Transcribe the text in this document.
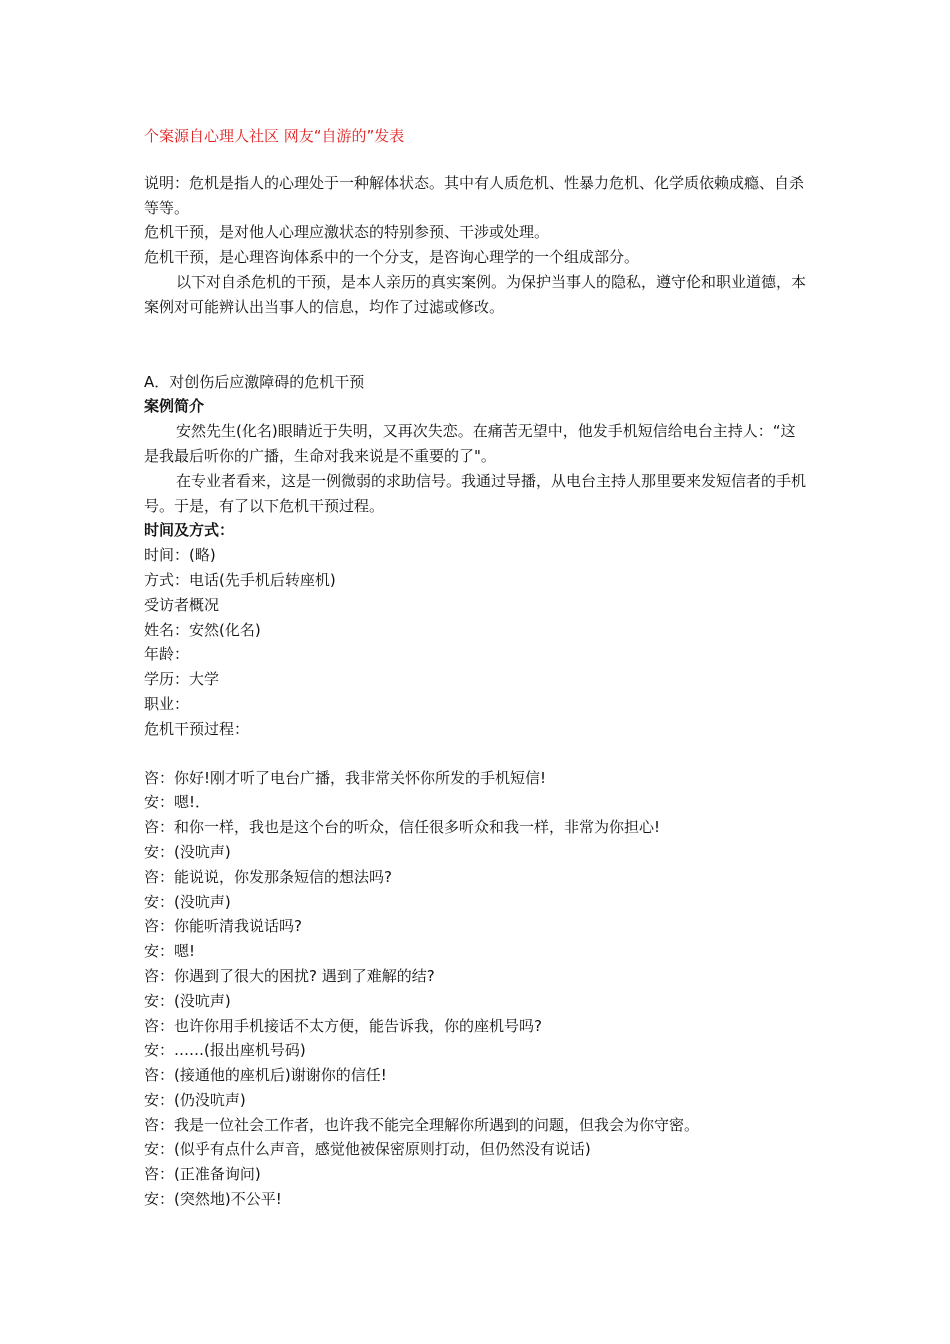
个案源自心理人社区 网友“自游的”发表

说明：危机是指人的心理处于一种解体状态。其中有人质危机、性暴力危机、化学质依赖成瘾、自杀等等。

危机干预，是对他人心理应激状态的特别参预、干涉或处理。

危机干预，是心理咨询体系中的一个分支，是咨询心理学的一个组成部分。

以下对自杀危机的干预，是本人亲历的真实案例。为保护当事人的隐私，遵守伦和职业道德，本案例对可能辨认出当事人的信息，均作了过滤或修改。

A．对创伤后应激障碍的危机干预

案例简介

安然先生(化名)眼睛近于失明，又再次失恋。在痛苦无望中，他发手机短信给电台主持人：“这是我最后听你的广播，生命对我来说是不重要的了"。

在专业者看来，这是一例微弱的求助信号。我通过导播，从电台主持人那里要来发短信者的手机号。于是，有了以下危机干预过程。

时间及方式：

时间：(略)

方式：电话(先手机后转座机)

受访者概况

姓名：安然(化名)

年龄：

学历：大学

职业：

危机干预过程：

咨：你好!刚才听了电台广播，我非常关怀你所发的手机短信!

安：嗯!．

咨：和你一样，我也是这个台的听众，信任很多听众和我一样，非常为你担心!

安：(没吭声)

咨：能说说，你发那条短信的想法吗?

安：(没吭声)

咨：你能听清我说话吗?

安：嗯!

咨：你遇到了很大的困扰? 遇到了难解的结?

安：(没吭声)

咨：也许你用手机接话不太方便，能告诉我，你的座机号吗?

安：……(报出座机号码)

咨：(接通他的座机后)谢谢你的信任!

安：(仍没吭声)

咨：我是一位社会工作者，也许我不能完全理解你所遇到的问题，但我会为你守密。

安：(似乎有点什么声音，感觉他被保密原则打动，但仍然没有说话)

咨：(正准备询问)

安：(突然地)不公平!
